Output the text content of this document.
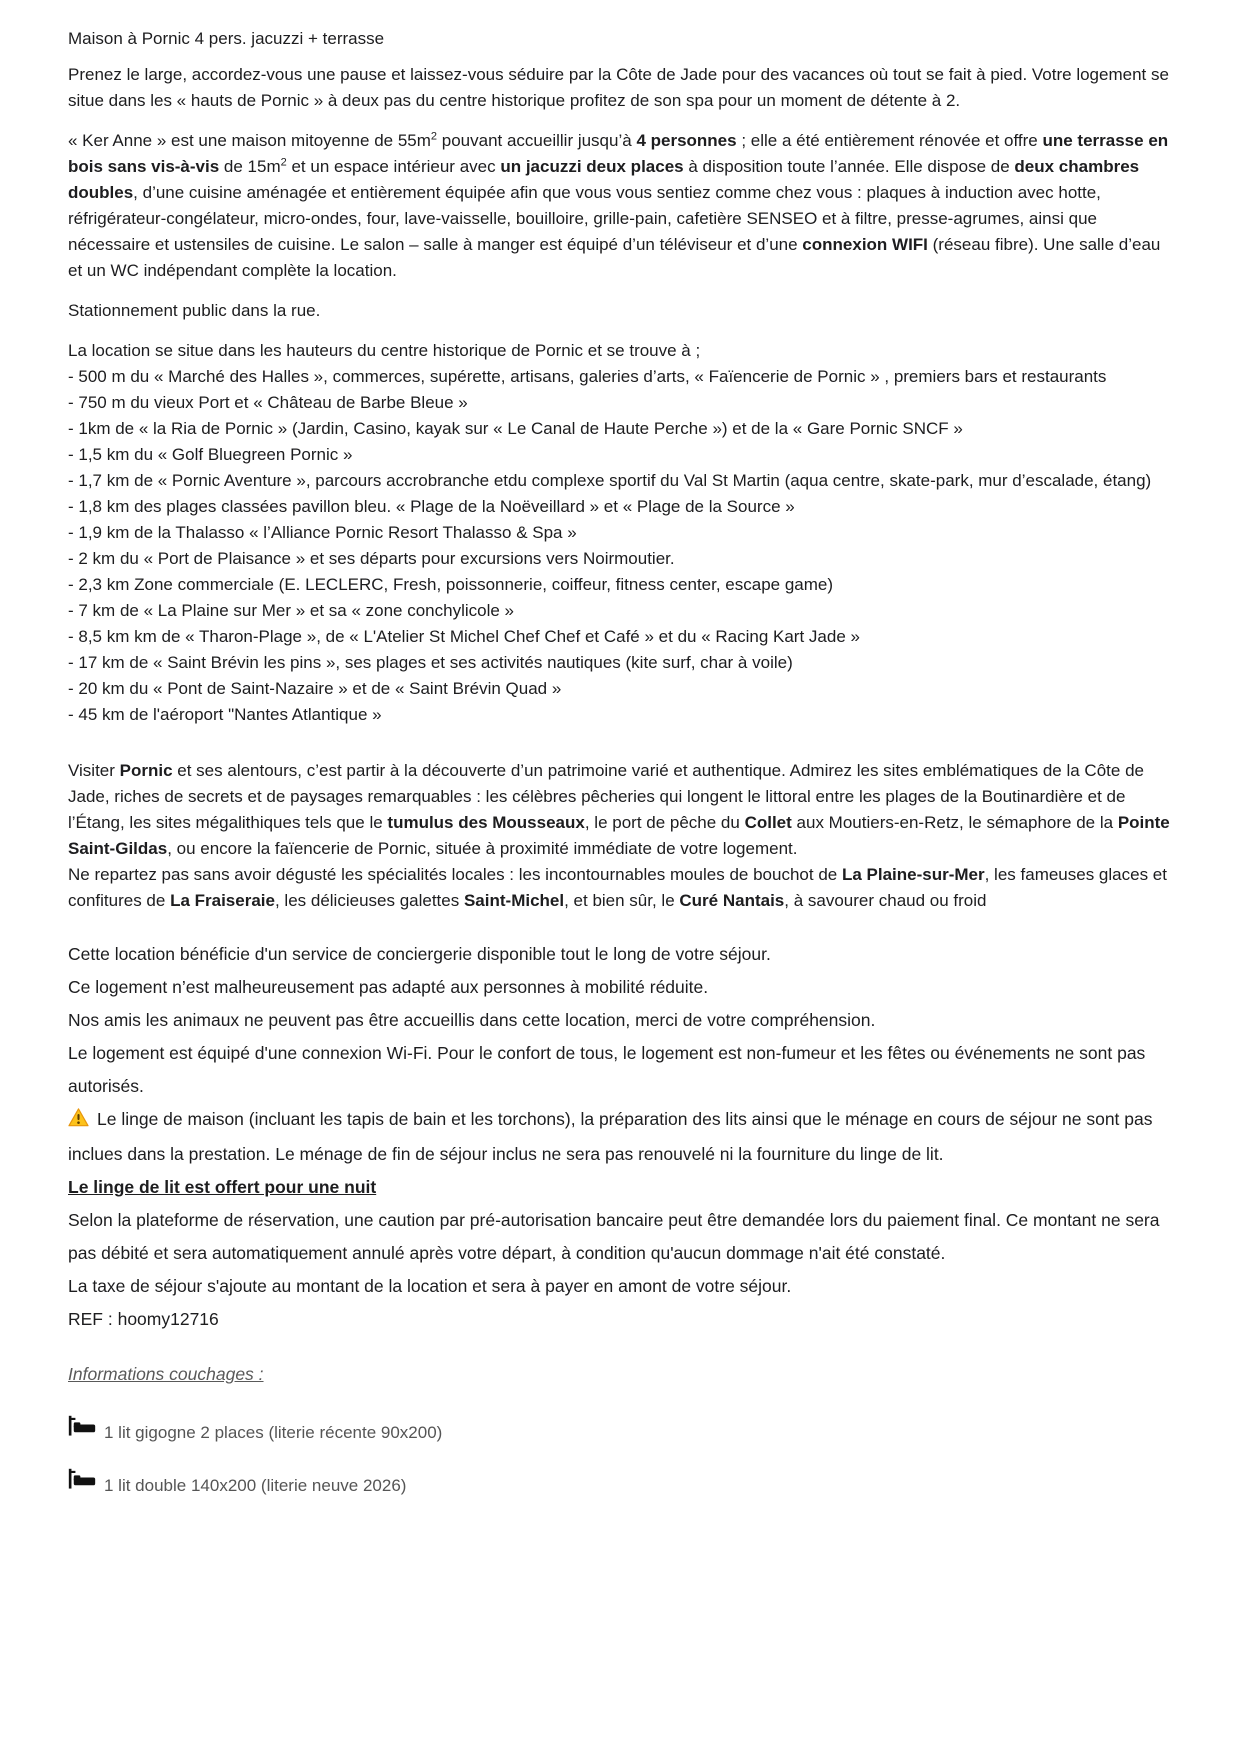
Maison à Pornic 4 pers. jacuzzi + terrasse

Prenez le large, accordez-vous une pause et laissez-vous séduire par la Côte de Jade pour des vacances où tout se fait à pied. Votre logement se situe dans les « hauts de Pornic » à deux pas du centre historique profitez de son spa pour un moment de détente à 2.

« Ker Anne » est une maison mitoyenne de $55m^2$ pouvant accueillir jusqu’à 4 personnes ; elle a été entièrement rénovée et offre une terrasse en bois sans vis-à-vis de $15m^2$ et un espace intérieur avec un jacuzzi deux places à disposition toute l’année. Elle dispose de deux chambres doubles, d’une cuisine aménagée et entièrement équipée afin que vous vous sentiez comme chez vous : plaques à induction avec hotte, réfrigérateur-congélateur, micro-ondes, four, lave-vaisselle, bouilloire, grille-pain, cafetière SENSEO et à filtre, presse-agrumes, ainsi que nécessaire et ustensiles de cuisine. Le salon – salle à manger est équipé d’un téléviseur et d’une connexion WIFI (réseau fibre). Une salle d’eau et un WC indépendant complète la location.

Stationnement public dans la rue.

La location se situe dans les hauteurs du centre historique de Pornic et se trouve à ;
- 500 m du « Marché des Halles », commerces, supérette, artisans, galeries d’arts, « Faïencerie de Pornic » , premiers bars et restaurants
- 750 m du vieux Port et « Château de Barbe Bleue »
- 1km de « la Ria de Pornic » (Jardin, Casino, kayak sur « Le Canal de Haute Perche ») et de la « Gare Pornic SNCF »
- 1,5 km du « Golf Bluegreen Pornic »
- 1,7 km de « Pornic Aventure », parcours accrobranche etdu complexe sportif du Val St Martin (aqua centre, skate-park, mur d’escalade, étang)
- 1,8 km des plages classées pavillon bleu. « Plage de la Noëveillard » et « Plage de la Source »
- 1,9 km de la Thalasso « l’Alliance Pornic Resort Thalasso & Spa »
- 2 km du « Port de Plaisance » et ses départs pour excursions vers Noirmoutier.
- 2,3 km Zone commerciale (E. LECLERC, Fresh, poissonnerie, coiffeur, fitness center, escape game)
- 7 km de « La Plaine sur Mer » et sa « zone conchylicole »
- 8,5 km km de « Tharon-Plage », de « L'Atelier St Michel Chef Chef et Café » et du « Racing Kart Jade »
- 17 km de « Saint Brévin les pins », ses plages et ses activités nautiques (kite surf, char à voile)
- 20 km du « Pont de Saint-Nazaire » et de « Saint Brévin Quad »
- 45 km de l'aéroport "Nantes Atlantique »

Visiter Pornic et ses alentours, c’est partir à la découverte d’un patrimoine varié et authentique. Admirez les sites emblématiques de la Côte de Jade, riches de secrets et de paysages remarquables : les célèbres pêcheries qui longent le littoral entre les plages de la Boutinardière et de l’Étang, les sites mégalithiques tels que le tumulus des Mousseaux, le port de pêche du Collet aux Moutiers-en-Retz, le sémaphore de la Pointe Saint-Gildas, ou encore la faïencerie de Pornic, située à proximité immédiate de votre logement.
Ne repartez pas sans avoir dégusté les spécialités locales : les incontournables moules de bouchot de La Plaine-sur-Mer, les fameuses glaces et confitures de La Fraiseraie, les délicieuses galettes Saint-Michel, et bien sûr, le Curé Nantais, à savourer chaud ou froid

Cette location bénéficie d'un service de conciergerie disponible tout le long de votre séjour.
Ce logement n’est malheureusement pas adapté aux personnes à mobilité réduite.
Nos amis les animaux ne peuvent pas être accueillis dans cette location, merci de votre compréhension.
Le logement est équipé d'une connexion Wi-Fi. Pour le confort de tous, le logement est non-fumeur et les fêtes ou événements ne sont pas autorisés.

Le linge de maison (incluant les tapis de bain et les torchons), la préparation des lits ainsi que le ménage en cours de séjour ne sont pas inclues dans la prestation. Le ménage de fin de séjour inclus ne sera pas renouvelé ni la fourniture du linge de lit.

Le linge de lit est offert pour une nuit

Selon la plateforme de réservation, une caution par pré-autorisation bancaire peut être demandée lors du paiement final. Ce montant ne sera pas débité et sera automatiquement annulé après votre départ, à condition qu'aucun dommage n'ait été constaté.

La taxe de séjour s'ajoute au montant de la location et sera à payer en amont de votre séjour.

REF : hoomy12716

Informations couchages :

1 lit gigogne 2 places (literie récente 90x200)
1 lit double 140x200 (literie neuve 2026)
